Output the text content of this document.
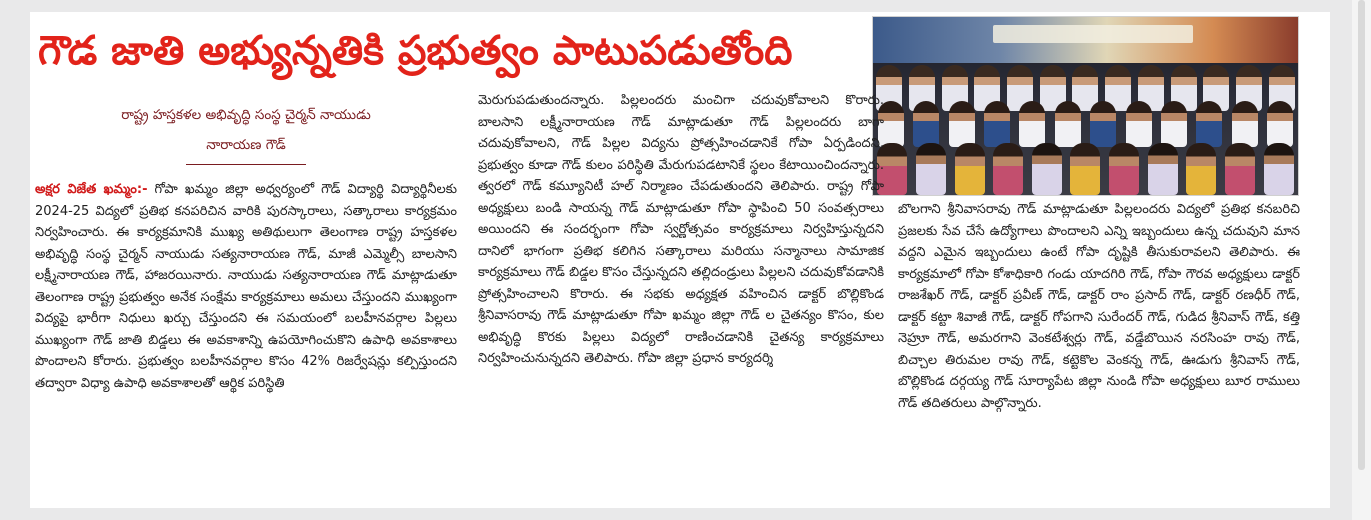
గౌడ జాతి అభ్యున్నతికి ప్రభుత్వం పాటుపడుతోంది

రాష్ట్ర హస్తకళల అభివృద్ధి సంస్థ చైర్మన్ నాయుడు

నారాయణ గౌడ్

అక్షర విజేత ఖమ్మం:- గోపా ఖమ్మం జిల్లా అధ్వర్యంలో గౌడ్ విద్యార్థి విద్యార్థినీలకు 2024-25 విద్యలో ప్రతిభ కనపరిచిన వారికి పురస్కారాలు, సత్కారాలు కార్యక్రమం నిర్వహించారు. ఈ కార్యక్రమానికి ముఖ్య అతిథులుగా తెలంగాణ రాష్ట్ర హస్తకళల అభివృద్ధి సంస్థ చైర్మన్ నాయుడు సత్యనారాయణ గౌడ్, మాజీ ఎమ్మెల్సీ బాలసాని లక్ష్మీనారాయణ గౌడ్, హాజరయినారు. నాయుడు సత్యనారాయణ గౌడ్ మాట్లాడుతూ తెలంగాణ రాష్ట్ర ప్రభుత్వం అనేక సంక్షేమ కార్యక్రమాలు అమలు చేస్తుందని ముఖ్యంగా విద్యపై భారీగా నిధులు ఖర్చు చేస్తుందని ఈ సమయంలో బలహీనవర్గాల పిల్లలు ముఖ్యంగా గౌడ్ జాతి బిడ్డలు ఈ అవకాశాన్ని ఉపయోగించుకొని ఉపాధి అవకాశాలు పొందాలని కోరారు. ప్రభుత్వం బలహీనవర్గాల కొసం 42% రిజర్వేషన్లు కల్పిస్తుందని తద్వారా విధ్యా ఉపాధి అవకాశాలతో ఆర్థిక పరిస్థితి

మెరుగుపడుతుందన్నారు. పిల్లలందరు మంచిగా చదువుకోవాలని కొరారు. బాలసాని లక్ష్మీనారాయణ గౌడ్ మాట్లాడుతూ గౌడ్ పిల్లలందరు బాగా చదువుకోవాలని, గౌడ్ పిల్లల విద్యను ప్రోత్సహించడానికే గోపా ఏర్పడిందని, ప్రభుత్వం కూడా గౌడ్ కులం పరిస్థితి మేరుగుపడటానికే స్థలం కేటాయించిందన్నారు. త్వరలో గౌడ్ కమ్యూనిటీ హల్ నిర్మాణం చేపడుతుందని తెలిపారు. రాష్ట్ర గోపా అధ్యక్షులు బండి సాయన్న గౌడ్ మాట్లాడుతూ గోపా స్థాపించి 50 సంవత్సరాలు అయిందని ఈ సందర్భంగా గోపా స్వర్ణోత్సవం కార్యక్రమాలు నిర్వహిస్తున్నదని దానిలో భాగంగా ప్రతిభ కలిగిన సత్కారాలు మరియు సన్మానాలు సామాజిక కార్యక్రమాలు గౌడ్ బిడ్డల కొసం చేస్తున్నదని తల్లిదండ్రులు పిల్లలని చదువుకోవడానికి ప్రోత్సహించాలని కొరారు. ఈ సభకు అధ్యక్షత వహించిన డాక్టర్ బొల్లికొండ శ్రీనివాసరావు గౌడ్ మాట్లాడుతూ గోపా ఖమ్మం జిల్లా గౌడ్ ల చైతన్యం కొసం, కుల అభివృద్ధి కొరకు పిల్లలు విద్యలో రాణించడానికి చైతన్య కార్యక్రమాలు నిర్వహించునున్నదని తెలిపారు. గోపా జిల్లా ప్రధాన కార్యదర్శి

బొలగాని శ్రీనివాసరావు గౌడ్ మాట్లాడుతూ పిల్లలందరు విద్యలో ప్రతిభ కనబరిచి ప్రజలకు సేవ చేసే ఉద్యోగాలు పొందాలని ఎన్ని ఇబ్బందులు ఉన్న చదువుని మాన వద్దని ఎమైన ఇబ్బందులు ఉంటే గోపా దృష్టికి తీసుకురావలని తెలిపారు. ఈ కార్యక్రమాలో గోపా కోశాధికారి గండు యాదగిరి గౌడ్, గోపా గౌరవ అధ్యక్షులు డాక్టర్ రాజశేఖర్ గౌడ్, డాక్టర్ ప్రవీణ్ గౌడ్, డాక్టర్ రాం ప్రసాద్ గౌడ్, డాక్టర్ రణధీర్ గౌడ్, డాక్టర్ కట్టా శివాజీ గౌడ్, డాక్టర్ గోపగాని సురేందర్ గౌడ్, గుడిద శ్రీనివాస్ గౌడ్, కత్తి నెహ్రూ గౌడ్, అమరగాని వెంకటేశ్వర్లు గౌడ్, వడ్డేబొయిన నరసింహ రావు గౌడ్, బిచ్చాల తిరుమల రావు గౌడ్, కట్టెకొల వెంకన్న గౌడ్, ఊడుగు శ్రీనివాస్ గౌడ్, బొల్లికొండ దర్గయ్య గౌడ్ సూర్యాపేట జిల్లా నుండి గోపా అధ్యక్షులు బూర రాములు గౌడ్ తదితరులు పాల్గొన్నారు.
